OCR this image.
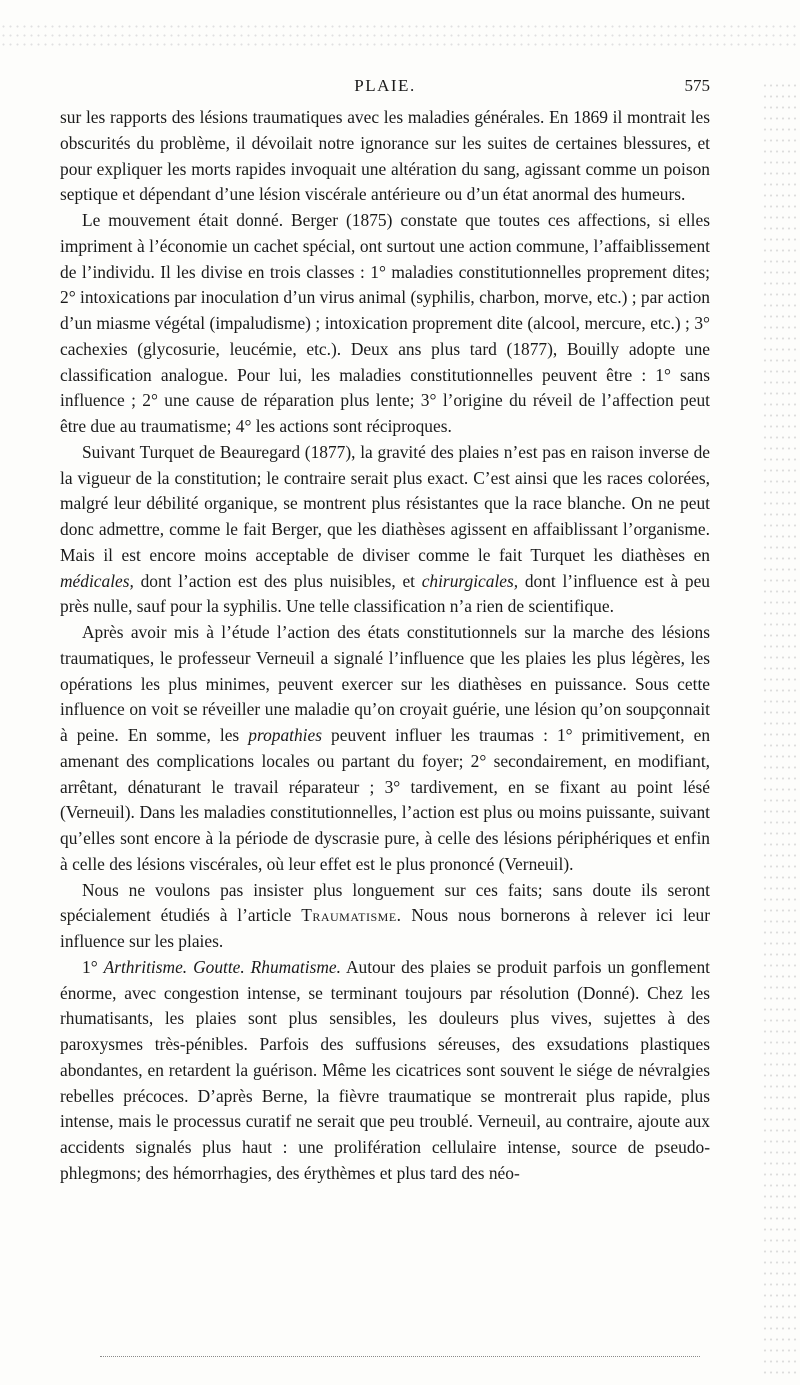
PLAIE.	575

sur les rapports des lésions traumatiques avec les maladies générales. En 1869 il montrait les obscurités du problème, il dévoilait notre ignorance sur les suites de certaines blessures, et pour expliquer les morts rapides invoquait une altération du sang, agissant comme un poison septique et dépendant d’une lésion viscérale antérieure ou d’un état anormal des humeurs.

Le mouvement était donné. Berger (1875) constate que toutes ces affections, si elles impriment à l’économie un cachet spécial, ont surtout une action commune, l’affaiblissement de l’individu. Il les divise en trois classes : 1° maladies constitutionnelles proprement dites; 2° intoxications par inoculation d’un virus animal (syphilis, charbon, morve, etc.) ; par action d’un miasme végétal (impaludisme) ; intoxication proprement dite (alcool, mercure, etc.) ; 3° cachexies (glycosurie, leucémie, etc.). Deux ans plus tard (1877), Bouilly adopte une classification analogue. Pour lui, les maladies constitutionnelles peuvent être : 1° sans influence ; 2° une cause de réparation plus lente; 3° l’origine du réveil de l’affection peut être due au traumatisme; 4° les actions sont réciproques.

Suivant Turquet de Beauregard (1877), la gravité des plaies n’est pas en raison inverse de la vigueur de la constitution; le contraire serait plus exact. C’est ainsi que les races colorées, malgré leur débilité organique, se montrent plus résistantes que la race blanche. On ne peut donc admettre, comme le fait Berger, que les diathèses agissent en affaiblissant l’organisme. Mais il est encore moins acceptable de diviser comme le fait Turquet les diathèses en médicales, dont l’action est des plus nuisibles, et chirurgicales, dont l’influence est à peu près nulle, sauf pour la syphilis. Une telle classification n’a rien de scientifique.

Après avoir mis à l’étude l’action des états constitutionnels sur la marche des lésions traumatiques, le professeur Verneuil a signalé l’influence que les plaies les plus légères, les opérations les plus minimes, peuvent exercer sur les diathèses en puissance. Sous cette influence on voit se réveiller une maladie qu’on croyait guérie, une lésion qu’on soupçonnait à peine. En somme, les propathies peuvent influer les traumas : 1° primitivement, en amenant des complications locales ou partant du foyer; 2° secondairement, en modifiant, arrêtant, dénaturant le travail réparateur ; 3° tardivement, en se fixant au point lésé (Verneuil). Dans les maladies constitutionnelles, l’action est plus ou moins puissante, suivant qu’elles sont encore à la période de dyscrasie pure, à celle des lésions périphériques et enfin à celle des lésions viscérales, où leur effet est le plus prononcé (Verneuil).

Nous ne voulons pas insister plus longuement sur ces faits; sans doute ils seront spécialement étudiés à l’article Traumatisme. Nous nous bornerons à relever ici leur influence sur les plaies.

1° Arthritisme. Goutte. Rhumatisme. Autour des plaies se produit parfois un gonflement énorme, avec congestion intense, se terminant toujours par résolution (Donné). Chez les rhumatisants, les plaies sont plus sensibles, les douleurs plus vives, sujettes à des paroxysmes très-pénibles. Parfois des suffusions séreuses, des exsudations plastiques abondantes, en retardent la guérison. Même les cicatrices sont souvent le siége de névralgies rebelles précoces. D’après Berne, la fièvre traumatique se montrerait plus rapide, plus intense, mais le processus curatif ne serait que peu troublé. Verneuil, au contraire, ajoute aux accidents signalés plus haut : une prolifération cellulaire intense, source de pseudo-phlegmons; des hémorrhagies, des érythèmes et plus tard des néo-
